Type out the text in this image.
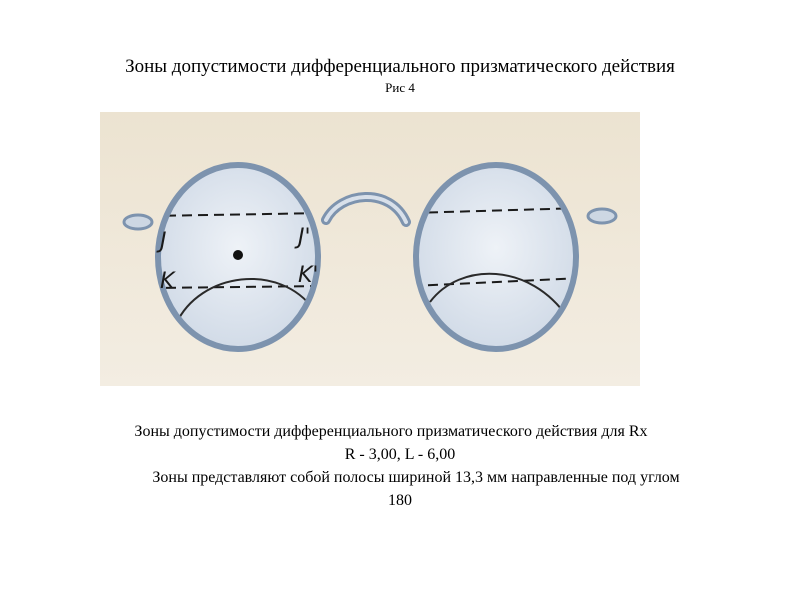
Зоны допустимости дифференциального призматического действия
Рис 4
J	J'
K	K'
Зоны допустимости дифференциального призматического действия для Rx
R - 3,00, L - 6,00
Зоны представляют собой полосы шириной 13,3 мм направленные под углом
180
